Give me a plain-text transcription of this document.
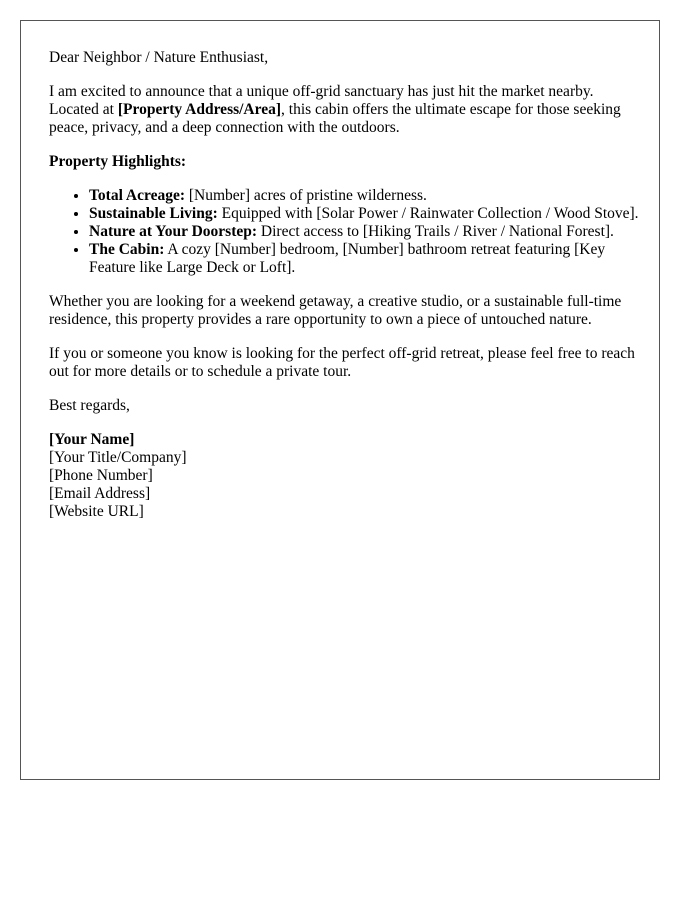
Dear Neighbor / Nature Enthusiast,

I am excited to announce that a unique off-grid sanctuary has just hit the market nearby. Located at [Property Address/Area], this cabin offers the ultimate escape for those seeking peace, privacy, and a deep connection with the outdoors.

Property Highlights:

• Total Acreage: [Number] acres of pristine wilderness.
• Sustainable Living: Equipped with [Solar Power / Rainwater Collection / Wood Stove].
• Nature at Your Doorstep: Direct access to [Hiking Trails / River / National Forest].
• The Cabin: A cozy [Number] bedroom, [Number] bathroom retreat featuring [Key Feature like Large Deck or Loft].

Whether you are looking for a weekend getaway, a creative studio, or a sustainable full-time residence, this property provides a rare opportunity to own a piece of untouched nature.

If you or someone you know is looking for the perfect off-grid retreat, please feel free to reach out for more details or to schedule a private tour.

Best regards,

[Your Name]
[Your Title/Company]
[Phone Number]
[Email Address]
[Website URL]
